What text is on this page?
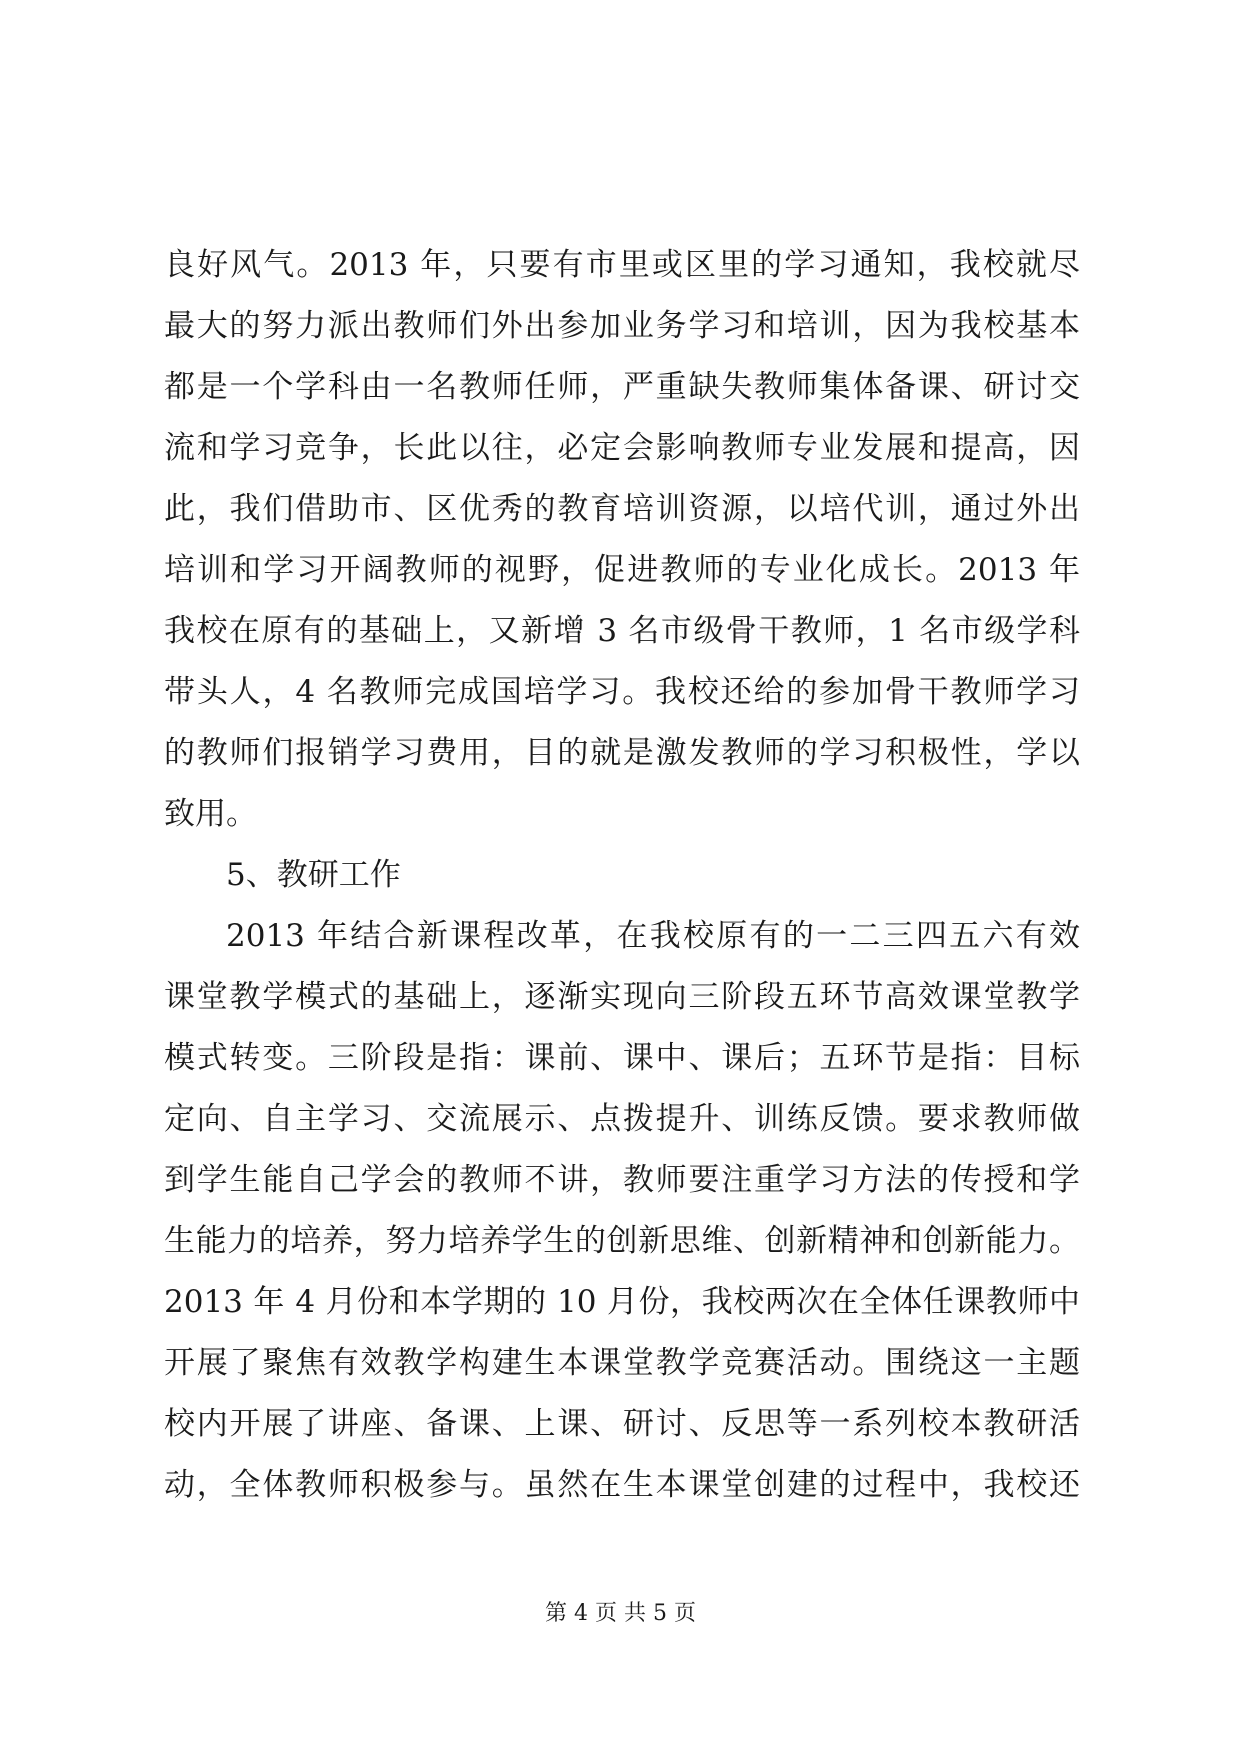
良好风气。2013 年，只要有市里或区里的学习通知，我校就尽
最大的努力派出教师们外出参加业务学习和培训，因为我校基本
都是一个学科由一名教师任师，严重缺失教师集体备课、研讨交
流和学习竞争，长此以往，必定会影响教师专业发展和提高，因
此，我们借助市、区优秀的教育培训资源，以培代训，通过外出
培训和学习开阔教师的视野，促进教师的专业化成长。2013 年
我校在原有的基础上，又新增 3 名市级骨干教师，1 名市级学科
带头人，4 名教师完成国培学习。我校还给的参加骨干教师学习
的教师们报销学习费用，目的就是激发教师的学习积极性，学以
致用。
5、教研工作
2013 年结合新课程改革，在我校原有的一二三四五六有效
课堂教学模式的基础上，逐渐实现向三阶段五环节高效课堂教学
模式转变。三阶段是指：课前、课中、课后；五环节是指：目标
定向、自主学习、交流展示、点拨提升、训练反馈。要求教师做
到学生能自己学会的教师不讲，教师要注重学习方法的传授和学
生能力的培养，努力培养学生的创新思维、创新精神和创新能力。
2013 年 4 月份和本学期的 10 月份，我校两次在全体任课教师中
开展了聚焦有效教学构建生本课堂教学竞赛活动。围绕这一主题
校内开展了讲座、备课、上课、研讨、反思等一系列校本教研活
动，全体教师积极参与。虽然在生本课堂创建的过程中，我校还
第 4 页 共 5 页
